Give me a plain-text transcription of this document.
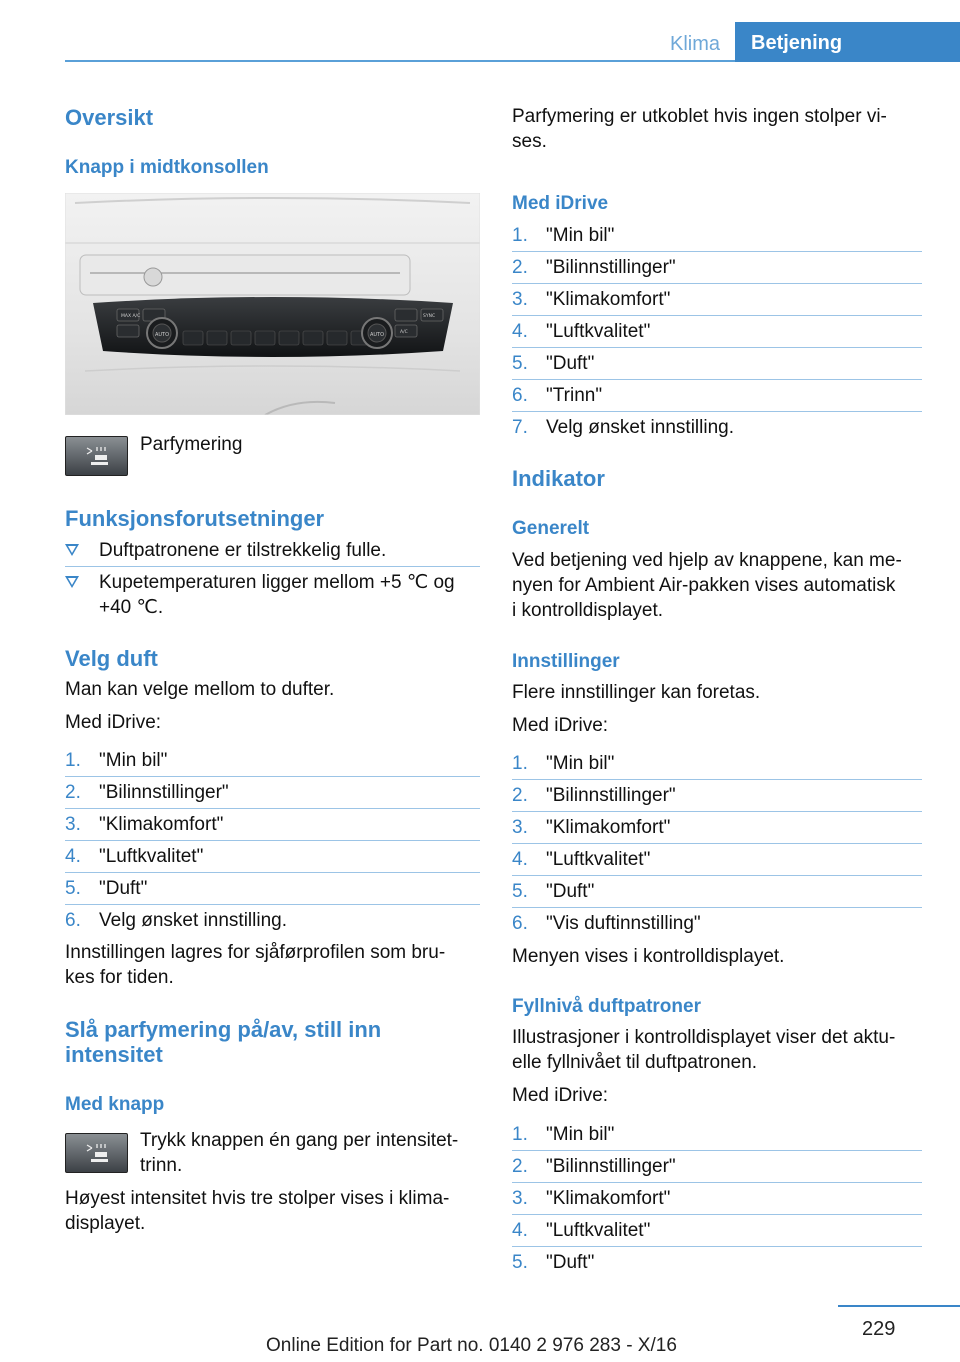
Klima	Betjening
Oversikt
Knapp i midtkonsollen
AUTO	AUTO
MAX A/C	SYNC
A/C
Parfymering
Funksjonsforutsetninger
Duftpatronene er tilstrekkelig fulle.
Kupetemperaturen ligger mellom +5 ℃ og
+40 ℃.
Velg duft
Man kan velge mellom to dufter.
Med iDrive:
1. "Min bil"
2. "Bilinnstillinger"
3. "Klimakomfort"
4. "Luftkvalitet"
5. "Duft"
6. Velg ønsket innstilling.
Innstillingen lagres for sjåførprofilen som bru-
kes for tiden.
Slå parfymering på/av, still inn
intensitet
Med knapp
Trykk knappen én gang per intensitet-
trinn.
Høyest intensitet hvis tre stolper vises i klima-
displayet.
Parfymering er utkoblet hvis ingen stolper vi-
ses.
Med iDrive
1. "Min bil"
2. "Bilinnstillinger"
3. "Klimakomfort"
4. "Luftkvalitet"
5. "Duft"
6. "Trinn"
7. Velg ønsket innstilling.
Indikator
Generelt
Ved betjening ved hjelp av knappene, kan me-
nyen for Ambient Air-pakken vises automatisk
i kontrolldisplayet.
Innstillinger
Flere innstillinger kan foretas.
Med iDrive:
1. "Min bil"
2. "Bilinnstillinger"
3. "Klimakomfort"
4. "Luftkvalitet"
5. "Duft"
6. "Vis duftinnstilling"
Menyen vises i kontrolldisplayet.
Fyllnivå duftpatroner
Illustrasjoner i kontrolldisplayet viser det aktu-
elle fyllnivået til duftpatronen.
Med iDrive:
1. "Min bil"
2. "Bilinnstillinger"
3. "Klimakomfort"
4. "Luftkvalitet"
5. "Duft"
229
Online Edition for Part no. 0140 2 976 283 - X/16
